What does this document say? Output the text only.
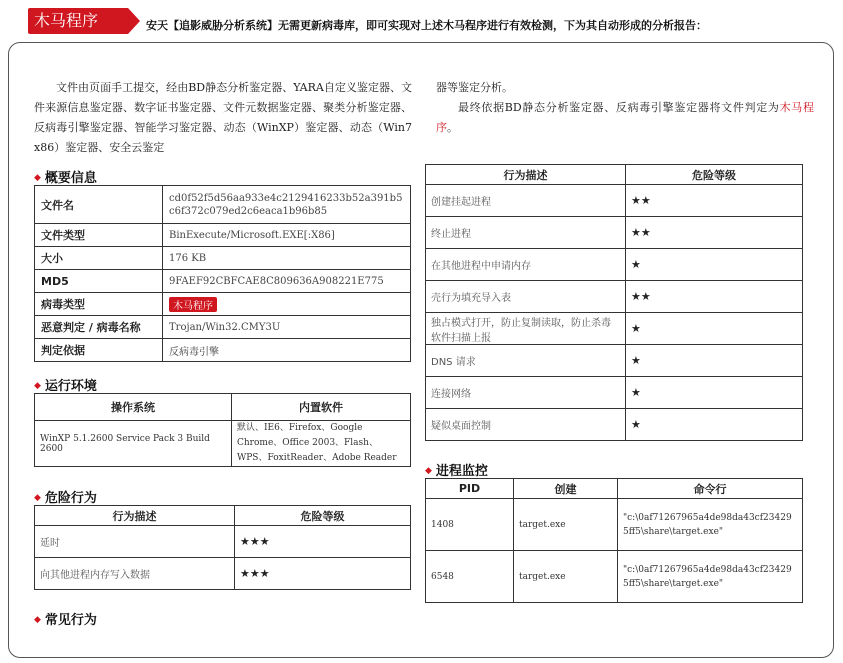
木马程序	安天【追影威胁分析系统】无需更新病毒库，即可实现对上述木马程序进行有效检测，下为其自动形成的分析报告：
文件由页面手工提交，经由BD静态分析鉴定器、YARA自定义鉴定器、文件来源信息鉴定器、数字证书鉴定器、文件元数据鉴定器、聚类分析鉴定器、反病毒引擎鉴定器、智能学习鉴定器、动态（WinXP）鉴定器、动态（Win7 x86）鉴定器、安全云鉴定
器等鉴定分析。
最终依据BD静态分析鉴定器、反病毒引擎鉴定器将文件判定为木马程序。
◆ 概要信息
文件名	cd0f52f5d56aa933e4c2129416233b52a391b5c6f372c079ed2c6eaca1b96b85
文件类型	BinExecute/Microsoft.EXE[:X86]
大小	176 KB
MD5	9FAEF92CBFCAE8C809636A908221E775
病毒类型	木马程序
恶意判定 / 病毒名称	Trojan/Win32.CMY3U
判定依据	反病毒引擎
◆ 运行环境
操作系统	内置软件
WinXP 5.1.2600 Service Pack 3 Build 2600	默认、IE6、Firefox、Google Chrome、Office 2003、Flash、WPS、FoxitReader、Adobe Reader
◆ 危险行为
行为描述	危险等级
延时	★★★
向其他进程内存写入数据	★★★
◆ 常见行为
行为描述	危险等级
创建挂起进程	★★
终止进程	★★
在其他进程中申请内存	★
壳行为填充导入表	★★
独占模式打开，防止复制读取，防止杀毒软件扫描上报	★
DNS 请求	★
连接网络	★
疑似桌面控制	★
◆ 进程监控
PID	创建	命令行
1408	target.exe	"c:\0af71267965a4de98da43cf234295ff5\share\target.exe"
6548	target.exe	"c:\0af71267965a4de98da43cf234295ff5\share\target.exe"
